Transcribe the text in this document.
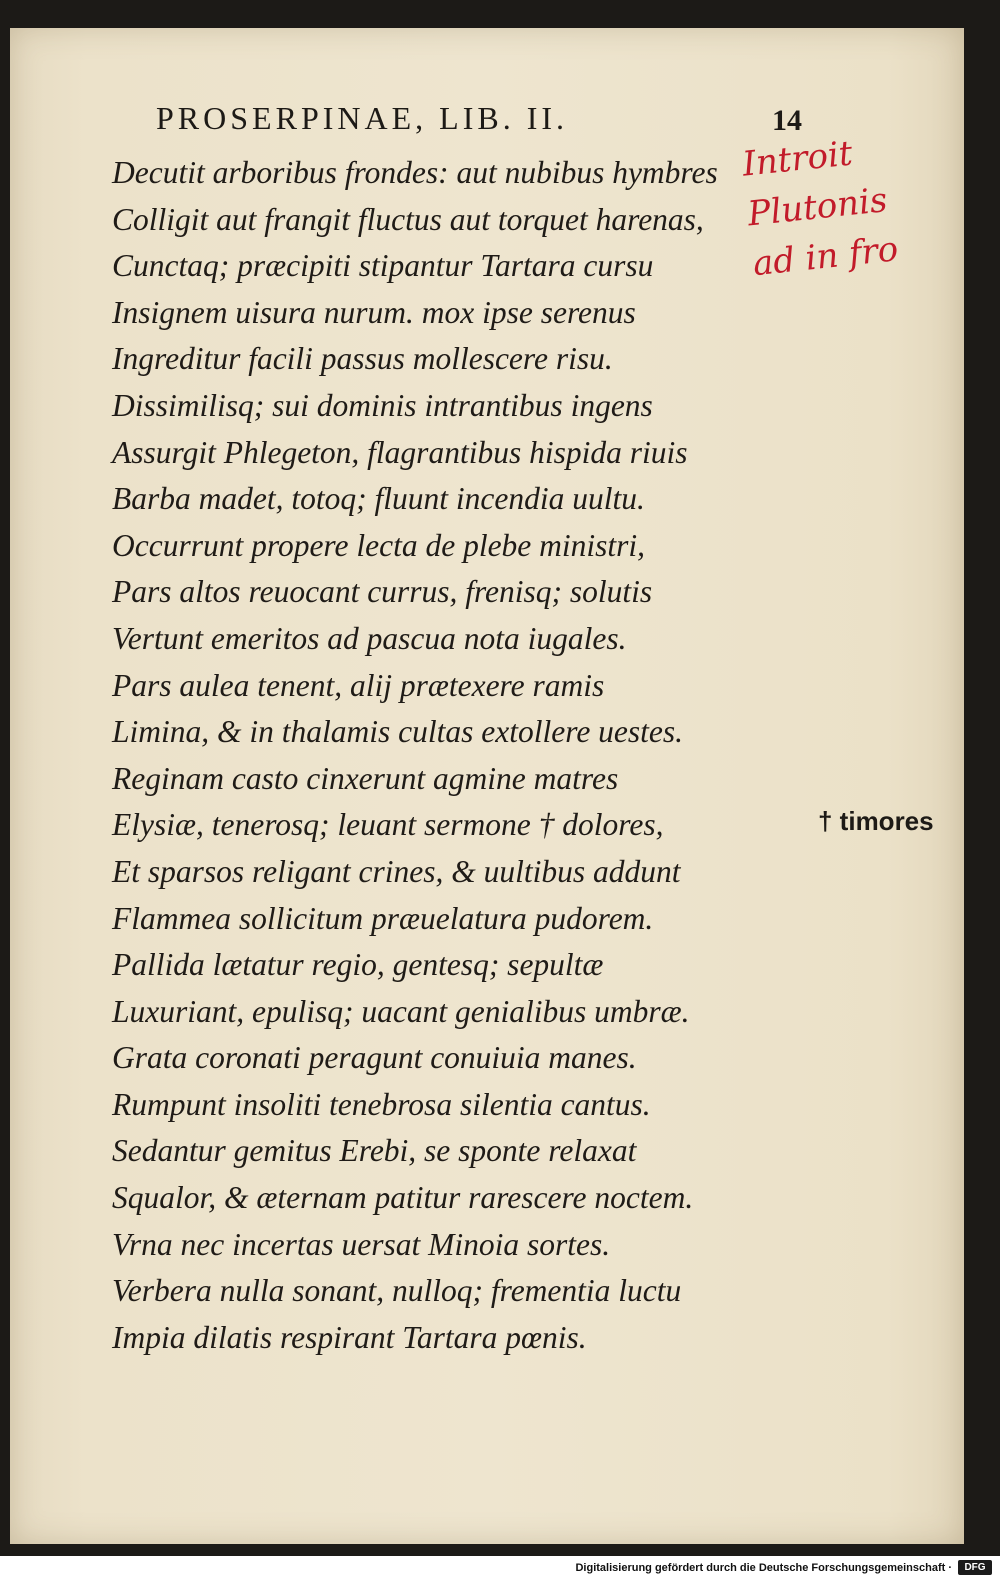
PROSERPINAE, LIB. II.	14
Decutit arboribus frondes: aut nubibus hymbres
Colligit aut frangit fluctus aut torquet harenas,
Cunctaq; præcipiti stipantur Tartara cursu
Insignem uisura nurum. mox ipse serenus
Ingreditur facili passus mollescere risu.
Dissimilisq; sui dominis intrantibus ingens
Assurgit Phlegeton, flagrantibus hispida riuis
Barba madet, totoq; fluunt incendia uultu.
Occurrunt propere lecta de plebe ministri,
Pars altos reuocant currus, frenisq; solutis
Vertunt emeritos ad pascua nota iugales.
Pars aulea tenent, alij prætexere ramis
Limina, & in thalamis cultas extollere uestes.
Reginam casto cinxerunt agmine matres
Elysiæ, tenerosq; leuant sermone † dolores,
Et sparsos religant crines, & uultibus addunt
Flammea sollicitum præuelatura pudorem.
Pallida lætatur regio, gentesq; sepultæ
Luxuriant, epulisq; uacant genialibus umbræ.
Grata coronati peragunt conuiuia manes.
Rumpunt insoliti tenebrosa silentia cantus.
Sedantur gemitus Erebi, se sponte relaxat
Squalor, & æternam patitur rarescere noctem.
Vrna nec incertas uersat Minoia sortes.
Verbera nulla sonant, nulloq; frementia luctu
Impia dilatis respirant Tartara pœnis.
Introit
Plutonis
ad in fro
† timores
Digitalisierung gefördert durch die Deutsche Forschungsgemeinschaft ·	DFG
